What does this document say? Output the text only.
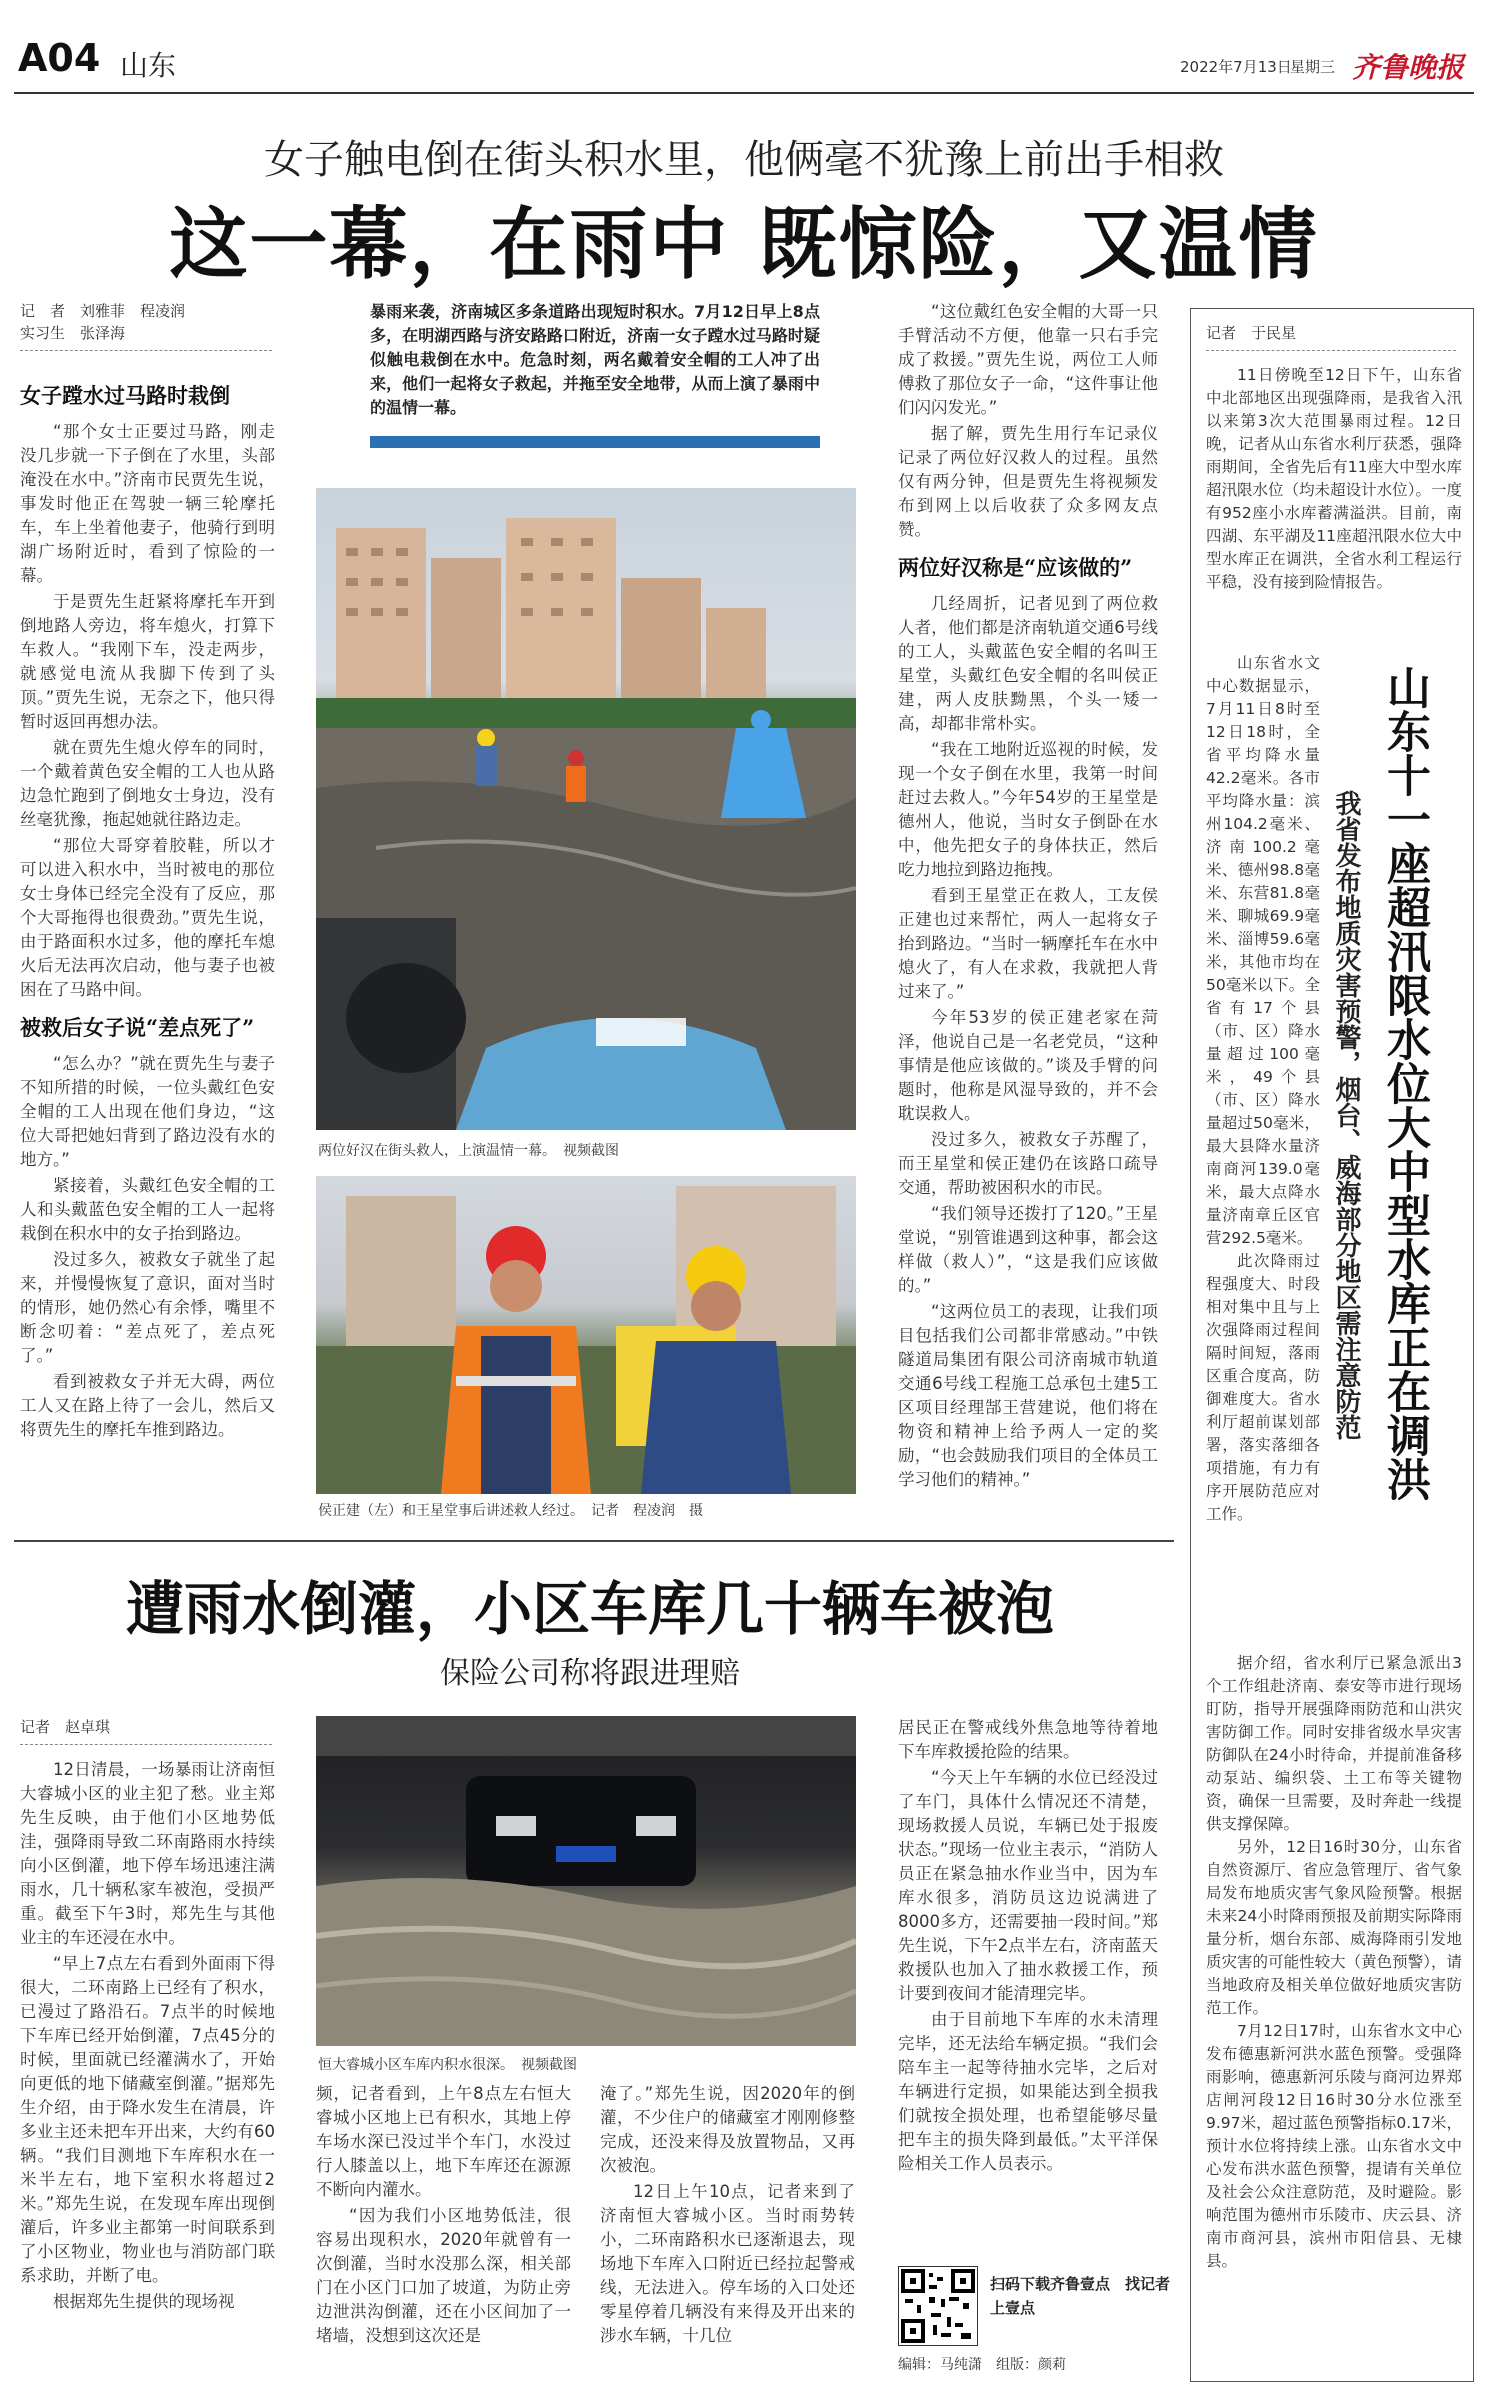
A04 山东	2022年7月13日
星期三 齐鲁晚报
女子触电倒在街头积水里，他俩毫不犹豫上前出手相救
这一幕，在雨中 既惊险，又温情
记　者　刘雅菲　程凌润
实习生　张泽海
暴雨来袭，济南城区多条道路出现短时积水。7月12日早上8点多，在明湖西路与济安路路口附近，济南一女子蹚水过马路时疑似触电栽倒在水中。危急时刻，两名戴着安全帽的工人冲了出来，他们一起将女子救起，并拖至安全地带，从而上演了暴雨中的温情一幕。
女子蹚水过马路时栽倒

“那个女士正要过马路，刚走没几步就一下子倒在了水里，头部淹没在水中。”济南市民贾先生说，事发时他正在驾驶一辆三轮摩托车，车上坐着他妻子，他骑行到明湖广场附近时，看到了惊险的一幕。

于是贾先生赶紧将摩托车开到倒地路人旁边，将车熄火，打算下车救人。“我刚下车，没走两步，就感觉电流从我脚下传到了头顶。”贾先生说，无奈之下，他只得暂时返回再想办法。

就在贾先生熄火停车的同时，一个戴着黄色安全帽的工人也从路边急忙跑到了倒地女士身边，没有丝毫犹豫，拖起她就往路边走。

“那位大哥穿着胶鞋，所以才可以进入积水中，当时被电的那位女士身体已经完全没有了反应，那个大哥拖得也很费劲。”贾先生说，由于路面积水过多，他的摩托车熄火后无法再次启动，他与妻子也被困在了马路中间。

被救后女子说“差点死了”

“怎么办？”就在贾先生与妻子不知所措的时候，一位头戴红色安全帽的工人出现在他们身边，“这位大哥把她妇背到了路边没有水的地方。”

紧接着，头戴红色安全帽的工人和头戴蓝色安全帽的工人一起将栽倒在积水中的女子抬到路边。

没过多久，被救女子就坐了起来，并慢慢恢复了意识，面对当时的情形，她仍然心有余悸，嘴里不断念叨着：“差点死了，差点死了。”

看到被救女子并无大碍，两位工人又在路上待了一会儿，然后又将贾先生的摩托车推到路边。

两位好汉在街头救人，上演温情一幕。　视频截图
侯正建（左）和王星堂事后讲述救人经过。　记者　程凌润　摄

“这位戴红色安全帽的大哥一只手臂活动不方便，他靠一只右手完成了救援。”贾先生说，两位工人师傅救了那位女子一命，“这件事让他们闪闪发光。”

据了解，贾先生用行车记录仪记录了两位好汉救人的过程。虽然仅有两分钟，但是贾先生将视频发布到网上以后收获了众多网友点赞。

两位好汉称是“应该做的”

几经周折，记者见到了两位救人者，他们都是济南轨道交通6号线的工人，头戴蓝色安全帽的名叫王星堂，头戴红色安全帽的名叫侯正建，两人皮肤黝黑，个头一矮一高，却都非常朴实。

“我在工地附近巡视的时候，发现一个女子倒在水里，我第一时间赶过去救人。”今年54岁的王星堂是德州人，他说，当时女子倒卧在水中，他先把女子的身体扶正，然后吃力地拉到路边拖拽。

看到王星堂正在救人，工友侯正建也过来帮忙，两人一起将女子抬到路边。“当时一辆摩托车在水中熄火了，有人在求救，我就把人背过来了。”

今年53岁的侯正建老家在菏泽，他说自己是一名老党员，“这种事情是他应该做的。”谈及手臂的问题时，他称是风湿导致的，并不会耽误救人。

没过多久，被救女子苏醒了，而王星堂和侯正建仍在该路口疏导交通，帮助被困积水的市民。

“我们领导还拨打了120。”王星堂说，“别管谁遇到这种事，都会这样做（救人）”，“这是我们应该做的。”

“这两位员工的表现，让我们项目包括我们公司都非常感动。”中铁隧道局集团有限公司济南城市轨道交通6号线工程施工总承包土建5工区项目经理郜王营建说，他们将在物资和精神上给予两人一定的奖励，“也会鼓励我们项目的全体员工学习他们的精神。”

记者　于民星

11日傍晚至12日下午，山东省中北部地区出现强降雨，是我省入汛以来第3次大范围暴雨过程。12日晚，记者从山东省水利厅获悉，强降雨期间，全省先后有11座大中型水库超汛限水位（均未超设计水位）。一度有952座小水库蓄满溢洪。目前，南四湖、东平湖及11座超汛限水位大中型水库正在调洪，全省水利工程运行平稳，没有接到险情报告。

山东十一座超汛限水位大中型水库正在调洪
我省发布地质灾害预警，烟台、威海部分地区需注意防范

山东省水文中心数据显示，7月11日8时至12日18时，全省平均降水量42.2毫米。各市平均降水量：滨州104.2毫米、济南100.2毫米、德州98.8毫米、东营81.8毫米、聊城69.9毫米、淄博59.6毫米，其他市均在50毫米以下。全省有17个县（市、区）降水量超过100毫米，49个县（市、区）降水量超过50毫米，最大县降水量济南商河139.0毫米，最大点降水量济南章丘区官营292.5毫米。

此次降雨过程强度大、时段相对集中且与上次强降雨过程间隔时间短，落雨区重合度高，防御难度大。省水利厅超前谋划部署，落实落细各项措施，有力有序开展防范应对工作。

据介绍，省水利厅已紧急派出3个工作组赴济南、泰安等市进行现场盯防，指导开展强降雨防范和山洪灾害防御工作。同时安排省级水旱灾害防御队在24小时待命，并提前准备移动泵站、编织袋、土工布等关键物资，确保一旦需要，及时奔赴一线提供支撑保障。

另外，12日16时30分，山东省自然资源厅、省应急管理厅、省气象局发布地质灾害气象风险预警。根据未来24小时降雨预报及前期实际降雨量分析，烟台东部、威海降雨引发地质灾害的可能性较大（黄色预警），请当地政府及相关单位做好地质灾害防范工作。

7月12日17时，山东省水文中心发布德惠新河洪水蓝色预警。受强降雨影响，德惠新河乐陵与商河边界郑店闸河段12日16时30分水位涨至9.97米，超过蓝色预警指标0.17米，预计水位将持续上涨。山东省水文中心发布洪水蓝色预警，提请有关单位及社会公众注意防范，及时避险。影响范围为德州市乐陵市、庆云县、济南市商河县，滨州市阳信县、无棣县。

遭雨水倒灌，小区车库几十辆车被泡
保险公司称将跟进理赔
记者　赵卓琪

12日清晨，一场暴雨让济南恒大睿城小区的业主犯了愁。业主郑先生反映，由于他们小区地势低洼，强降雨导致二环南路雨水持续向小区倒灌，地下停车场迅速注满雨水，几十辆私家车被泡，受损严重。截至下午3时，郑先生与其他业主的车还浸在水中。

“早上7点左右看到外面雨下得很大，二环南路上已经有了积水，已漫过了路沿石。7点半的时候地下车库已经开始倒灌，7点45分的时候，里面就已经灌满水了，开始向更低的地下储藏室倒灌。”据郑先生介绍，由于降水发生在清晨，许多业主还未把车开出来，大约有60辆。“我们目测地下车库积水在一米半左右，地下室积水将超过2米。”郑先生说，在发现车库出现倒灌后，许多业主都第一时间联系到了小区物业，物业也与消防部门联系求助，并断了电。

根据郑先生提供的现场视

恒大睿城小区车库内积水很深。　视频截图

频，记者看到，上午8点左右恒大睿城小区地上已有积水，其地上停车场水深已没过半个车门，水没过行人膝盖以上，地下车库还在源源不断向内灌水。

“因为我们小区地势低洼，很容易出现积水，2020年就曾有一次倒灌，当时水没那么深，相关部门在小区门口加了坡道，为防止旁边泄洪沟倒灌，还在小区间加了一堵墙，没想到这次还是

淹了。”郑先生说，因2020年的倒灌，不少住户的储藏室才刚刚修整完成，还没来得及放置物品，又再次被泡。

12日上午10点，记者来到了济南恒大睿城小区。当时雨势转小，二环南路积水已逐渐退去，现场地下车库入口附近已经拉起警戒线，无法进入。停车场的入口处还零星停着几辆没有来得及开出来的涉水车辆，十几位

居民正在警戒线外焦急地等待着地下车库救援抢险的结果。

“今天上午车辆的水位已经没过了车门，具体什么情况还不清楚，现场救援人员说，车辆已处于报废状态。”现场一位业主表示，“消防人员正在紧急抽水作业当中，因为车库水很多，消防员这边说满进了8000多方，还需要抽一段时间。”郑先生说，下午2点半左右，济南蓝天救援队也加入了抽水救援工作，预计要到夜间才能清理完毕。

由于目前地下车库的水未清理完毕，还无法给车辆定损。“我们会陪车主一起等待抽水完毕，之后对车辆进行定损，如果能达到全损我们就按全损处理，也希望能够尽量把车主的损失降到最低。”太平洋保险相关工作人员表示。

扫码下载齐鲁壹点　找记者　上壹点
编辑：马纯潇　组版：颜莉
